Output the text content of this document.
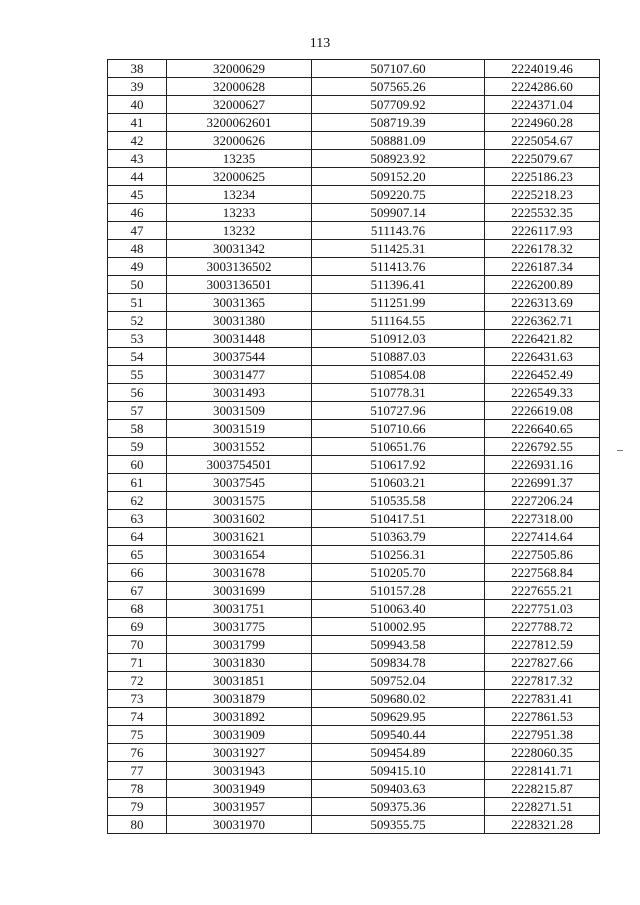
113
38	32000629	507107.60	2224019.46
39	32000628	507565.26	2224286.60
40	32000627	507709.92	2224371.04
41	3200062601	508719.39	2224960.28
42	32000626	508881.09	2225054.67
43	13235	508923.92	2225079.67
44	32000625	509152.20	2225186.23
45	13234	509220.75	2225218.23
46	13233	509907.14	2225532.35
47	13232	511143.76	2226117.93
48	30031342	511425.31	2226178.32
49	3003136502	511413.76	2226187.34
50	3003136501	511396.41	2226200.89
51	30031365	511251.99	2226313.69
52	30031380	511164.55	2226362.71
53	30031448	510912.03	2226421.82
54	30037544	510887.03	2226431.63
55	30031477	510854.08	2226452.49
56	30031493	510778.31	2226549.33
57	30031509	510727.96	2226619.08
58	30031519	510710.66	2226640.65
59	30031552	510651.76	2226792.55
60	3003754501	510617.92	2226931.16
61	30037545	510603.21	2226991.37
62	30031575	510535.58	2227206.24
63	30031602	510417.51	2227318.00
64	30031621	510363.79	2227414.64
65	30031654	510256.31	2227505.86
66	30031678	510205.70	2227568.84
67	30031699	510157.28	2227655.21
68	30031751	510063.40	2227751.03
69	30031775	510002.95	2227788.72
70	30031799	509943.58	2227812.59
71	30031830	509834.78	2227827.66
72	30031851	509752.04	2227817.32
73	30031879	509680.02	2227831.41
74	30031892	509629.95	2227861.53
75	30031909	509540.44	2227951.38
76	30031927	509454.89	2228060.35
77	30031943	509415.10	2228141.71
78	30031949	509403.63	2228215.87
79	30031957	509375.36	2228271.51
80	30031970	509355.75	2228321.28
